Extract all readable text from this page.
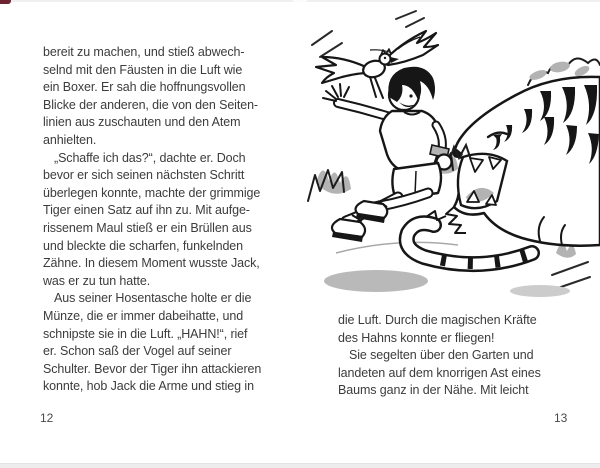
bereit zu machen, und stieß abwech-

selnd mit den Fäusten in die Luft wie

ein Boxer. Er sah die hoffnungsvollen

Blicke der anderen, die von den Seiten-

linien aus zuschauten und den Atem

anhielten.

„Schaffe ich das?“, dachte er. Doch

bevor er sich seinen nächsten Schritt

überlegen konnte, machte der grimmige

Tiger einen Satz auf ihn zu. Mit aufge-

rissenem Maul stieß er ein Brüllen aus

und bleckte die scharfen, funkelnden

Zähne. In diesem Moment wusste Jack,

was er zu tun hatte.

Aus seiner Hosentasche holte er die

Münze, die er immer dabeihatte, und

schnipste sie in die Luft. „HAHN!“, rief

er. Schon saß der Vogel auf seiner

Schulter. Bevor der Tiger ihn attackieren

konnte, hob Jack die Arme und stieg in

12

die Luft. Durch die magischen Kräfte

des Hahns konnte er fliegen!

Sie segelten über den Garten und

landeten auf dem knorrigen Ast eines

Baums ganz in der Nähe. Mit leicht

13
